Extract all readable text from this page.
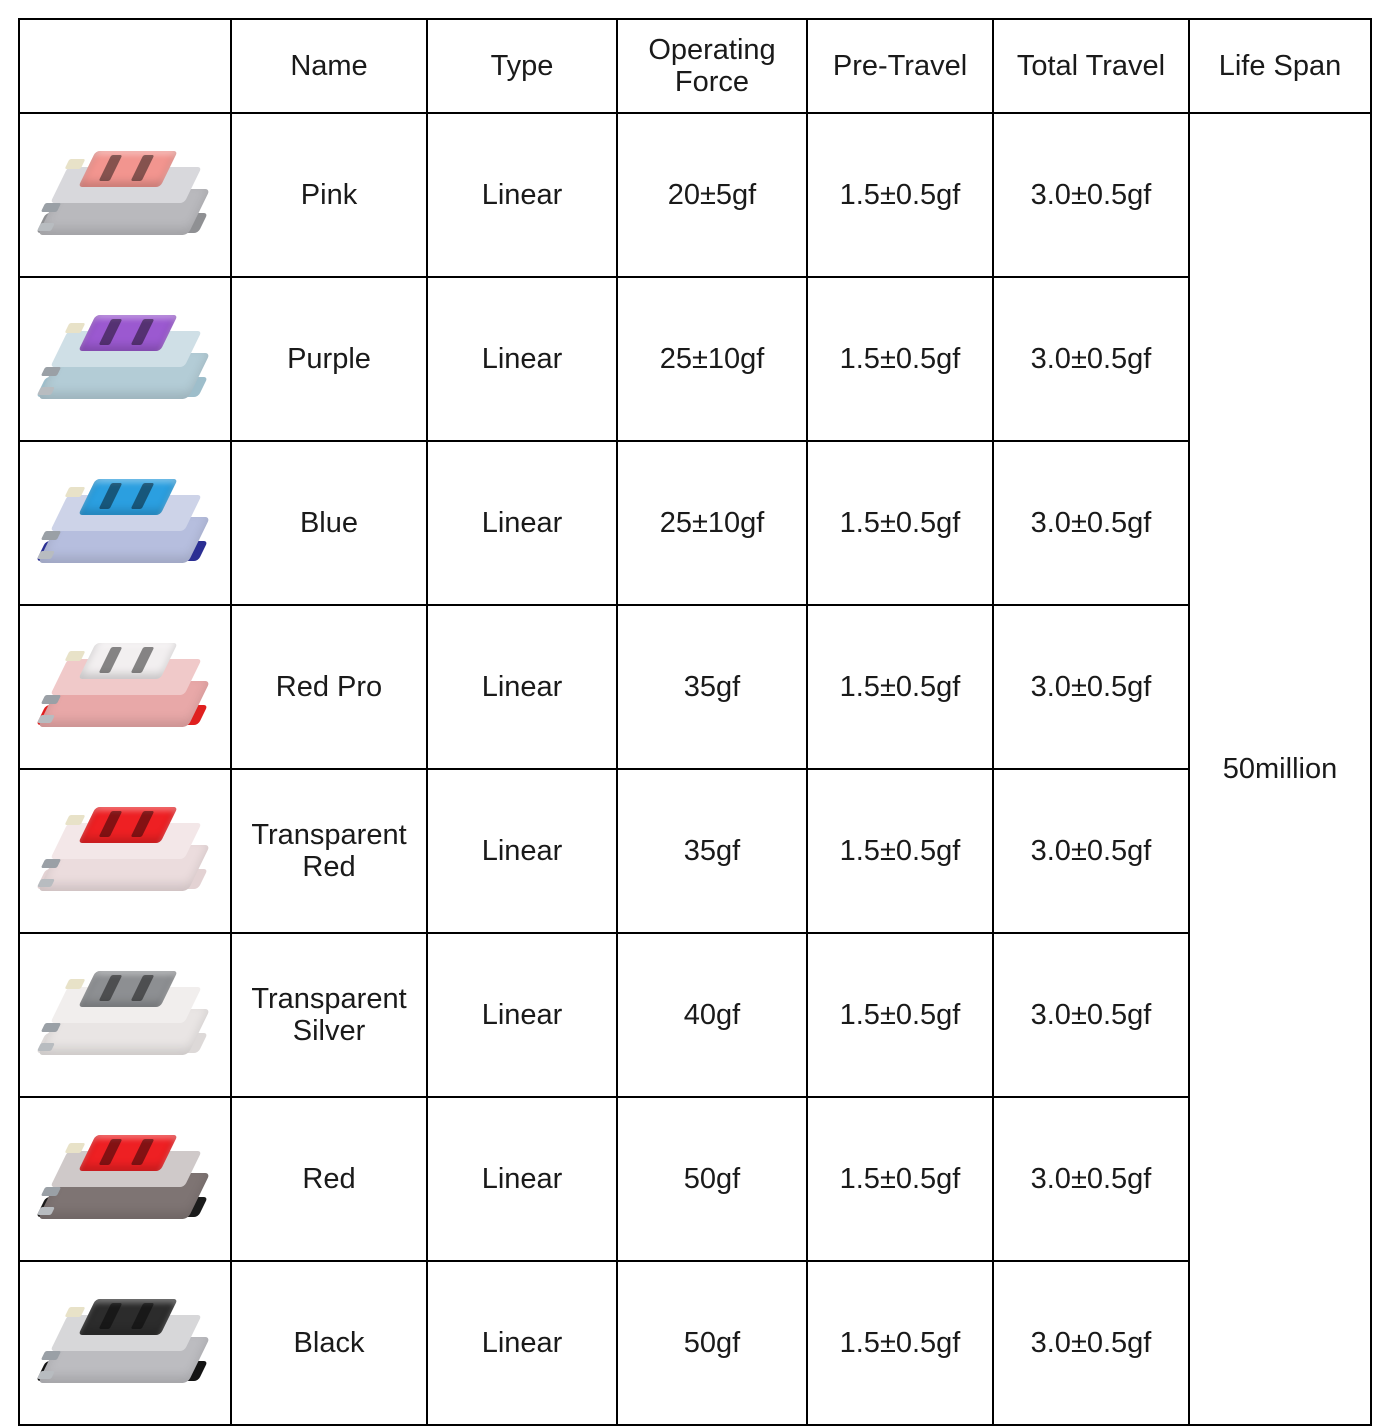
	Name	Type	Operating Force	Pre-Travel	Total Travel	Life Span

	Pink	Linear	20±5gf	1.5±0.5gf	3.0±0.5gf	50million

	Purple	Linear	25±10gf	1.5±0.5gf	3.0±0.5gf	

	Blue	Linear	25±10gf	1.5±0.5gf	3.0±0.5gf	

	Red Pro	Linear	35gf	1.5±0.5gf	3.0±0.5gf	

	Transparent Red	Linear	35gf	1.5±0.5gf	3.0±0.5gf	

	Transparent Silver	Linear	40gf	1.5±0.5gf	3.0±0.5gf	

	Red	Linear	50gf	1.5±0.5gf	3.0±0.5gf	

	Black	Linear	50gf	1.5±0.5gf	3.0±0.5gf	
